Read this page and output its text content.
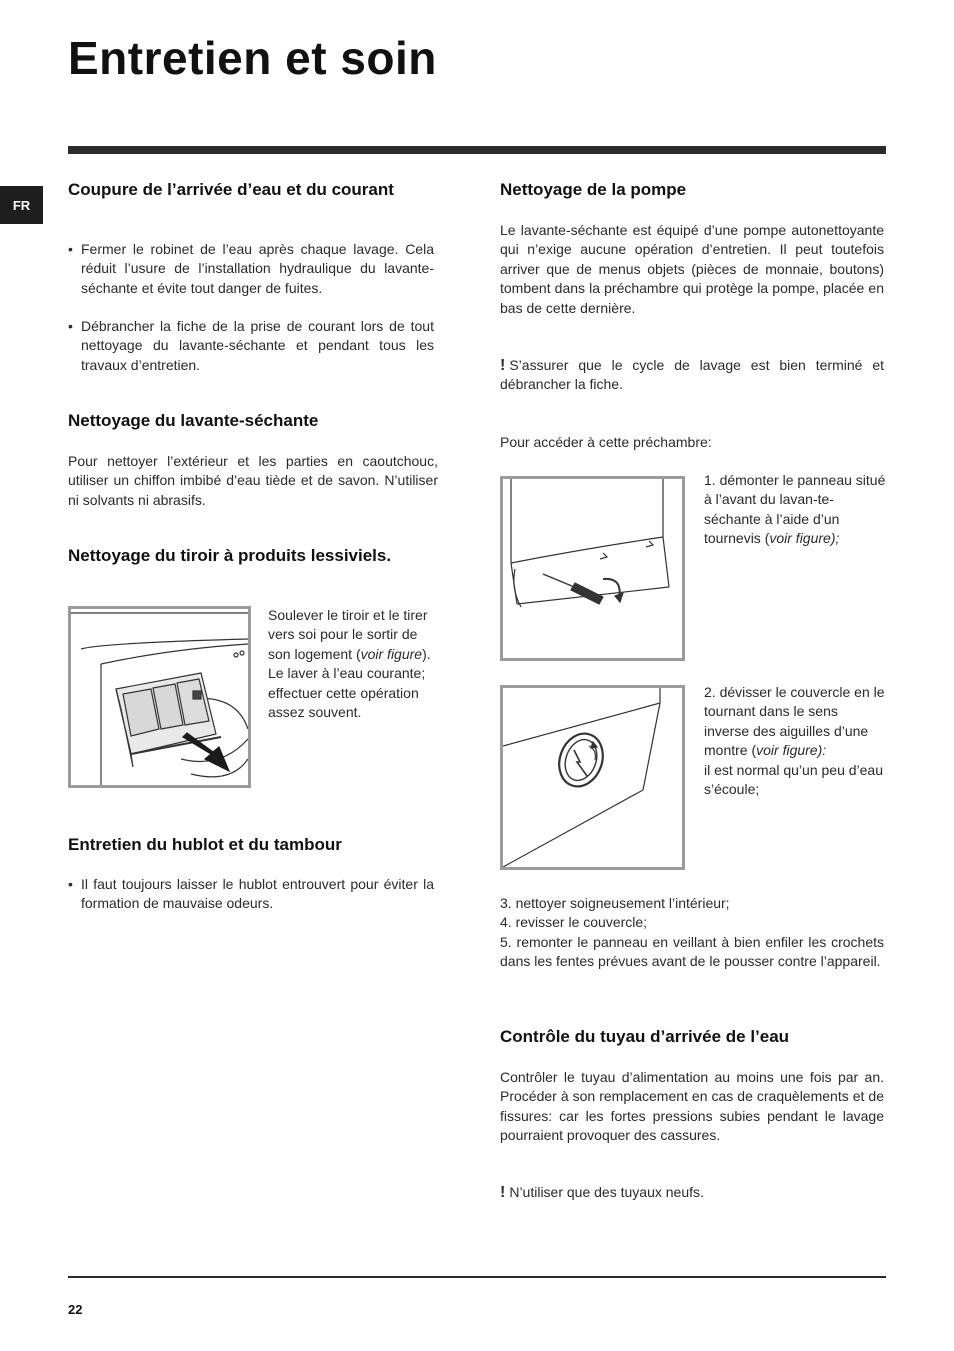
Entretien et soin
FR
Coupure de l’arrivée d’eau et du courant
• Fermer le robinet de l’eau après chaque lavage. Cela réduit l’usure de l’installation hydraulique du lavante-séchante et évite tout danger de fuites.
• Débrancher la fiche de la prise de courant lors de tout nettoyage du lavante-séchante et pendant tous les travaux d’entretien.
Nettoyage du lavante-séchante
Pour nettoyer l’extérieur et les parties en caoutchouc, utiliser un chiffon imbibé d’eau tiède et de savon. N’utiliser ni solvants ni abrasifs.
Nettoyage du tiroir à produits lessiviels.
Soulever le tiroir et le tirer vers soi pour le sortir de son logement (voir figure).
Le laver à l’eau courante; effectuer cette opération assez souvent.
Entretien du hublot et du tambour
• Il faut toujours laisser le hublot entrouvert pour éviter la formation de mauvaise odeurs.
Nettoyage de la pompe
Le lavante-séchante est équipé d’une pompe autonettoyante qui n’exige aucune opération d’entretien. Il peut toutefois arriver que de menus objets (pièces de monnaie, boutons) tombent dans la préchambre qui protège la pompe, placée en bas de cette dernière.
! S’assurer que le cycle de lavage est bien terminé et débrancher la fiche.
Pour accéder à cette préchambre:
1. démonter le panneau situé à l’avant du lavan-te-séchante à l’aide d’un tournevis (voir figure);
2. dévisser le couvercle en le tournant dans le sens inverse des aiguilles d’une montre (voir figure):
il est normal qu’un peu d’eau s’écoule;
3. nettoyer soigneusement l’intérieur;
4. revisser le couvercle;
5. remonter le panneau en veillant à bien enfiler les crochets dans les fentes prévues avant de le pousser contre l’appareil.
Contrôle du tuyau d’arrivée de l’eau
Contrôler le tuyau d’alimentation au moins une fois par an. Procéder à son remplacement en cas de craquèlements et de fissures: car les fortes pressions subies pendant le lavage pourraient provoquer des cassures.
! N’utiliser que des tuyaux neufs.
22
